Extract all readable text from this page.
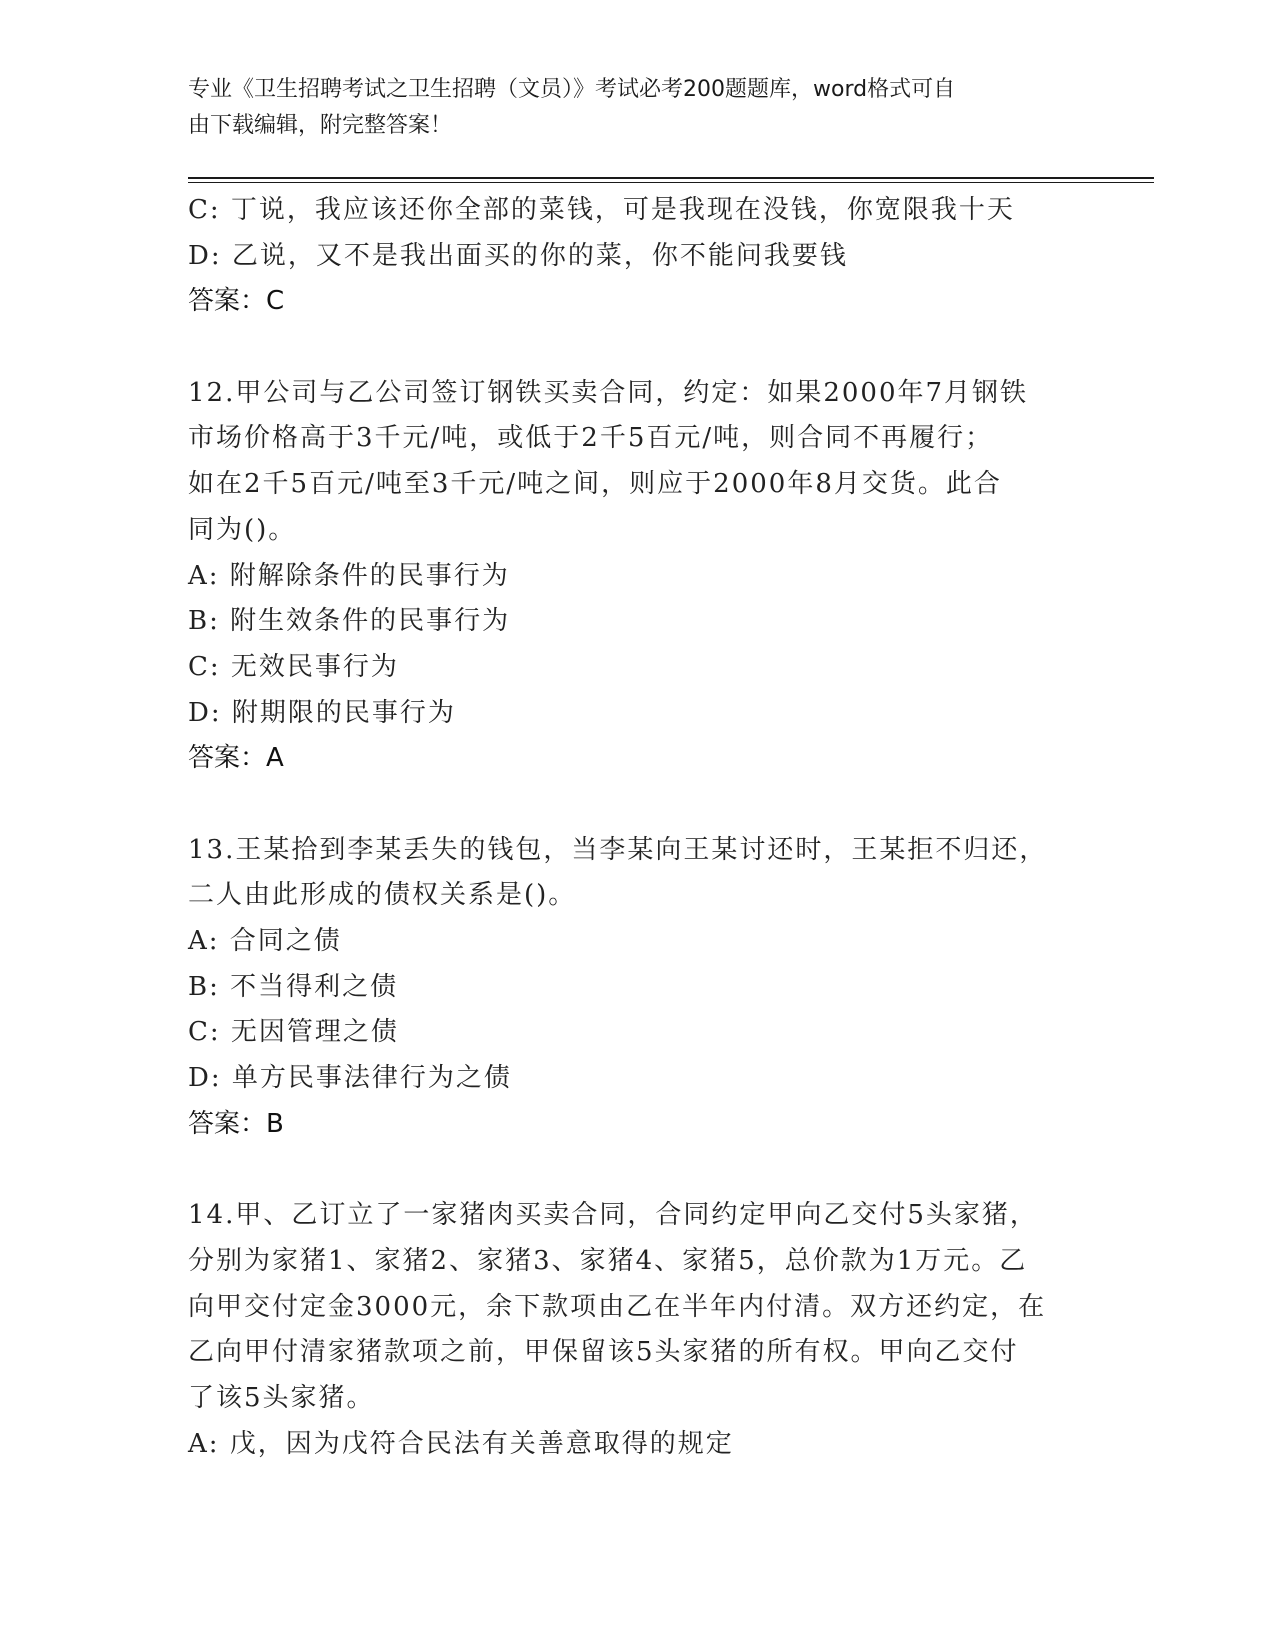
专业《卫生招聘考试之卫生招聘（文员）》考试必考200题题库，word格式可自
由下载编辑，附完整答案！
C: 丁说，我应该还你全部的菜钱，可是我现在没钱，你宽限我十天
D: 乙说，又不是我出面买的你的菜，你不能问我要钱
答案：C
12.甲公司与乙公司签订钢铁买卖合同，约定：如果2000年7月钢铁
市场价格高于3千元/吨，或低于2千5百元/吨，则合同不再履行；
如在2千5百元/吨至3千元/吨之间，则应于2000年8月交货。此合
同为()。
A: 附解除条件的民事行为
B: 附生效条件的民事行为
C: 无效民事行为
D: 附期限的民事行为
答案：A
13.王某拾到李某丢失的钱包，当李某向王某讨还时，王某拒不归还，
二人由此形成的债权关系是()。
A: 合同之债
B: 不当得利之债
C: 无因管理之债
D: 单方民事法律行为之债
答案：B
14.甲、乙订立了一家猪肉买卖合同，合同约定甲向乙交付5头家猪，
分别为家猪1、家猪2、家猪3、家猪4、家猪5，总价款为1万元。乙
向甲交付定金3000元，余下款项由乙在半年内付清。双方还约定，在
乙向甲付清家猪款项之前，甲保留该5头家猪的所有权。甲向乙交付
了该5头家猪。
A: 戊，因为戊符合民法有关善意取得的规定
